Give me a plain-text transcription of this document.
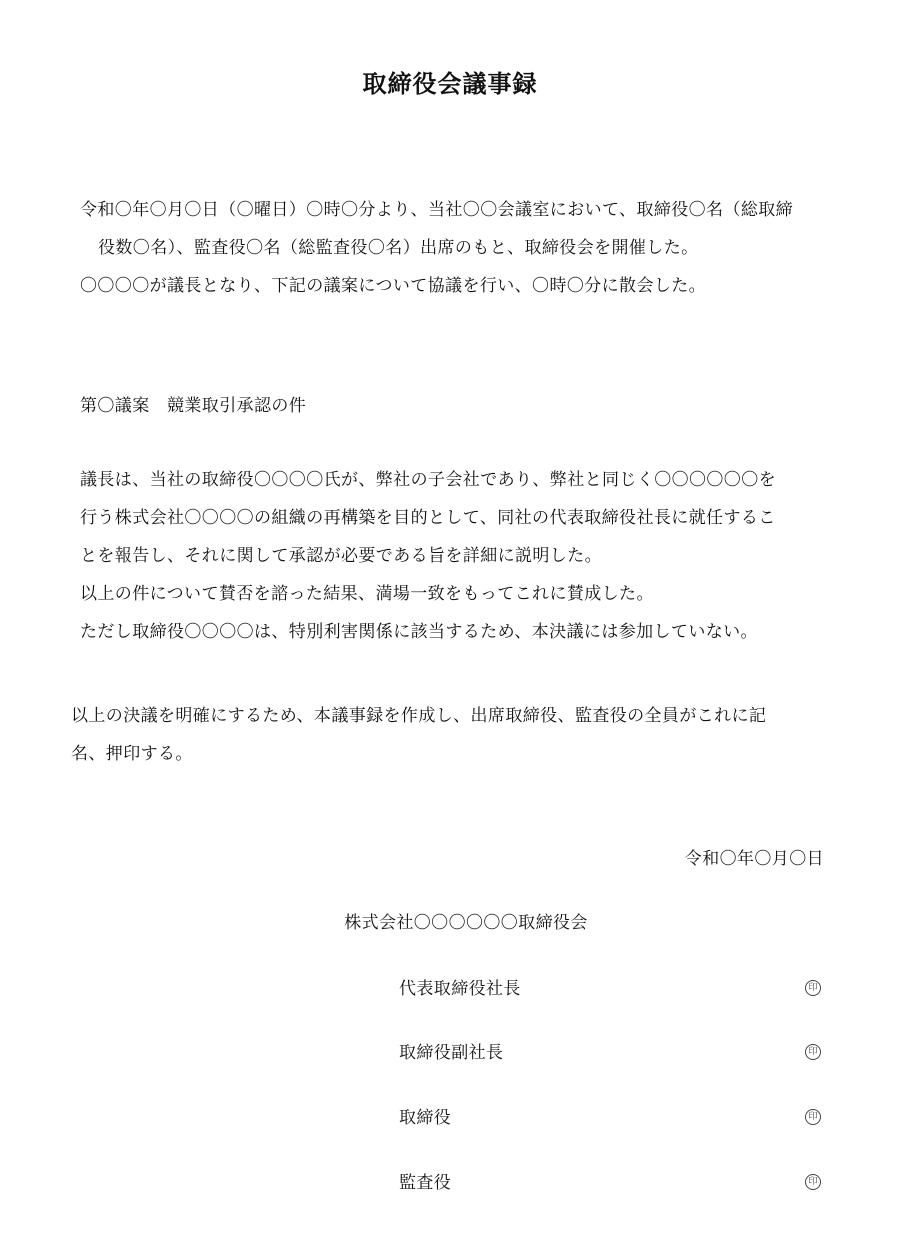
取締役会議事録
令和〇年〇月〇日（〇曜日）〇時〇分より、当社〇〇会議室において、取締役〇名（総取締
役数〇名）、監査役〇名（総監査役〇名）出席のもと、取締役会を開催した。
〇〇〇〇が議長となり、下記の議案について協議を行い、〇時〇分に散会した。
第〇議案　競業取引承認の件
議長は、当社の取締役〇〇〇〇氏が、弊社の子会社であり、弊社と同じく〇〇〇〇〇〇を
行う株式会社〇〇〇〇の組織の再構築を目的として、同社の代表取締役社長に就任するこ
とを報告し、それに関して承認が必要である旨を詳細に説明した。
以上の件について賛否を諮った結果、満場一致をもってこれに賛成した。
ただし取締役〇〇〇〇は、特別利害関係に該当するため、本決議には参加していない。
以上の決議を明確にするため、本議事録を作成し、出席取締役、監査役の全員がこれに記
名、押印する。
令和〇年〇月〇日
株式会社〇〇〇〇〇〇取締役会
代表取締役社長	印
取締役副社長	印
取締役	印
監査役	印
